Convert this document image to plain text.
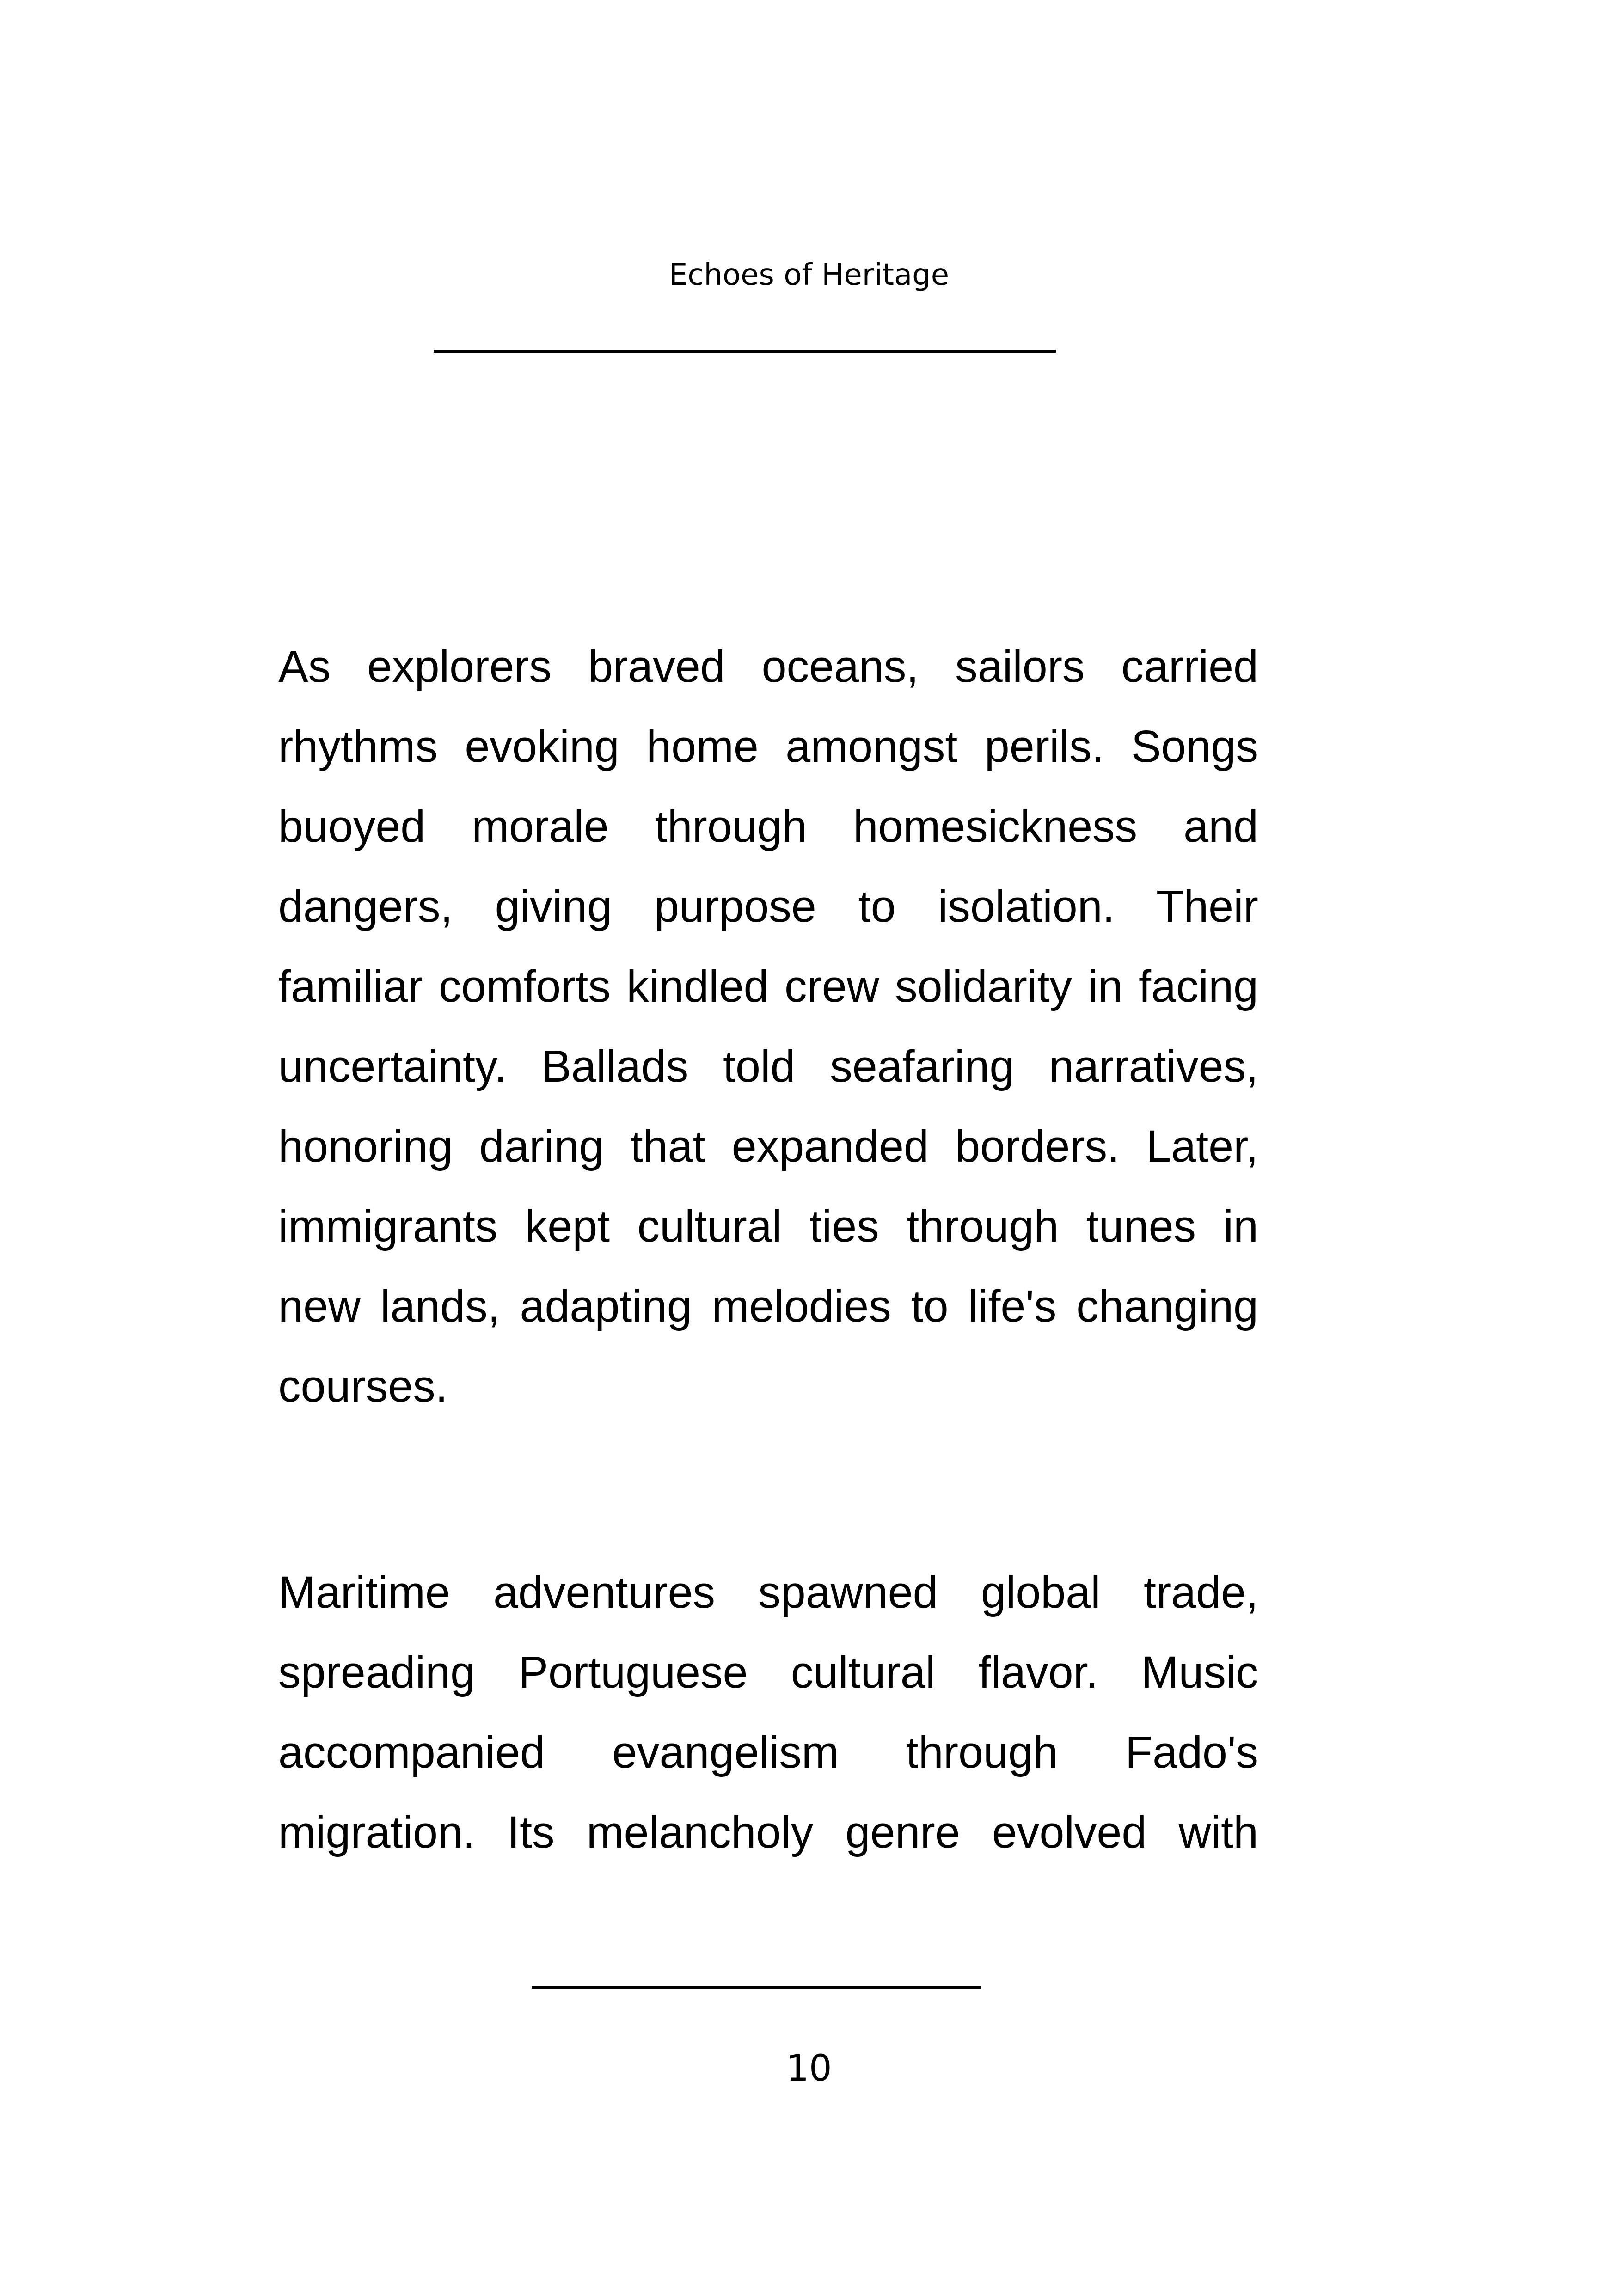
Echoes of Heritage

As explorers braved oceans, sailors carried rhythms evoking home amongst perils. Songs buoyed morale through homesickness and dangers, giving purpose to isolation. Their familiar comforts kindled crew solidarity in facing uncertainty. Ballads told seafaring narratives, honoring daring that expanded borders. Later, immigrants kept cultural ties through tunes in new lands, adapting melodies to life's changing courses.

Maritime adventures spawned global trade, spreading Portuguese cultural flavor. Music accompanied evangelism through Fado's migration. Its melancholy genre evolved with

10
